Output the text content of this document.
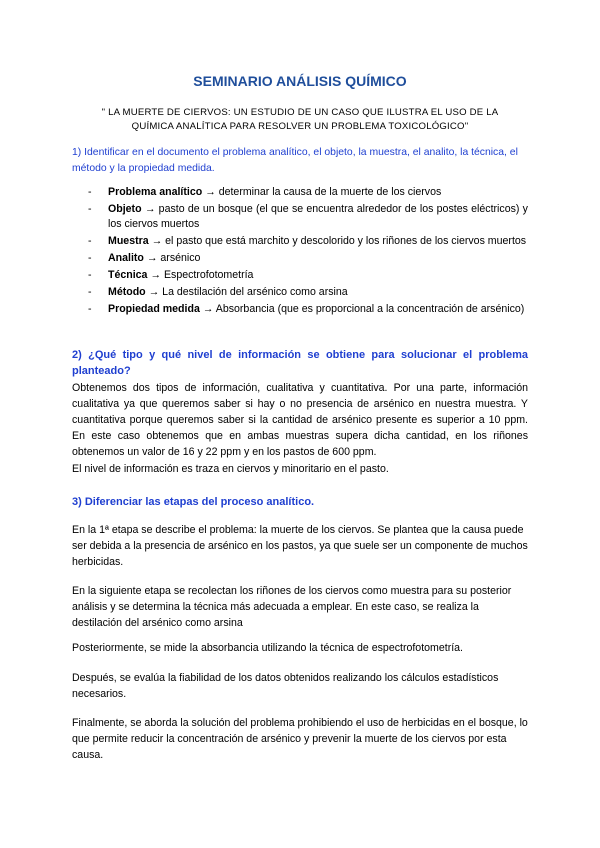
SEMINARIO ANÁLISIS QUÍMICO
" LA MUERTE DE CIERVOS: UN ESTUDIO DE UN CASO QUE ILUSTRA EL USO DE LA QUÍMICA ANALÍTICA PARA RESOLVER UN PROBLEMA TOXICOLÓGICO"
1) Identificar en el documento el problema analítico, el objeto, la muestra, el analito, la técnica, el método y la propiedad medida.
- Problema analítico → determinar la causa de la muerte de los ciervos
- Objeto → pasto de un bosque (el que se encuentra alrededor de los postes eléctricos) y los ciervos muertos
- Muestra → el pasto que está marchito y descolorido y los riñones de los ciervos muertos
- Analito → arsénico
- Técnica → Espectrofotometría
- Método → La destilación del arsénico como arsina
- Propiedad medida → Absorbancia (que es proporcional a la concentración de arsénico)
2) ¿Qué tipo y qué nivel de información se obtiene para solucionar el problema planteado?
Obtenemos dos tipos de información, cualitativa y cuantitativa. Por una parte, información cualitativa ya que queremos saber si hay o no presencia de arsénico en nuestra muestra. Y cuantitativa porque queremos saber si la cantidad de arsénico presente es superior a 10 ppm. En este caso obtenemos que en ambas muestras supera dicha cantidad, en los riñones obtenemos un valor de 16 y 22 ppm y en los pastos de 600 ppm.
El nivel de información es traza en ciervos y minoritario en el pasto.
3) Diferenciar las etapas del proceso analítico.
En la 1ª etapa se describe el problema: la muerte de los ciervos. Se plantea que la causa puede ser debida a la presencia de arsénico en los pastos, ya que suele ser un componente de muchos herbicidas.
En la siguiente etapa se recolectan los riñones de los ciervos como muestra para su posterior análisis y se determina la técnica más adecuada a emplear. En este caso, se realiza la destilación del arsénico como arsina
Posteriormente, se mide la absorbancia utilizando la técnica de espectrofotometría.
Después, se evalúa la fiabilidad de los datos obtenidos realizando los cálculos estadísticos necesarios.
Finalmente, se aborda la solución del problema prohibiendo el uso de herbicidas en el bosque, lo que permite reducir la concentración de arsénico y prevenir la muerte de los ciervos por esta causa.
